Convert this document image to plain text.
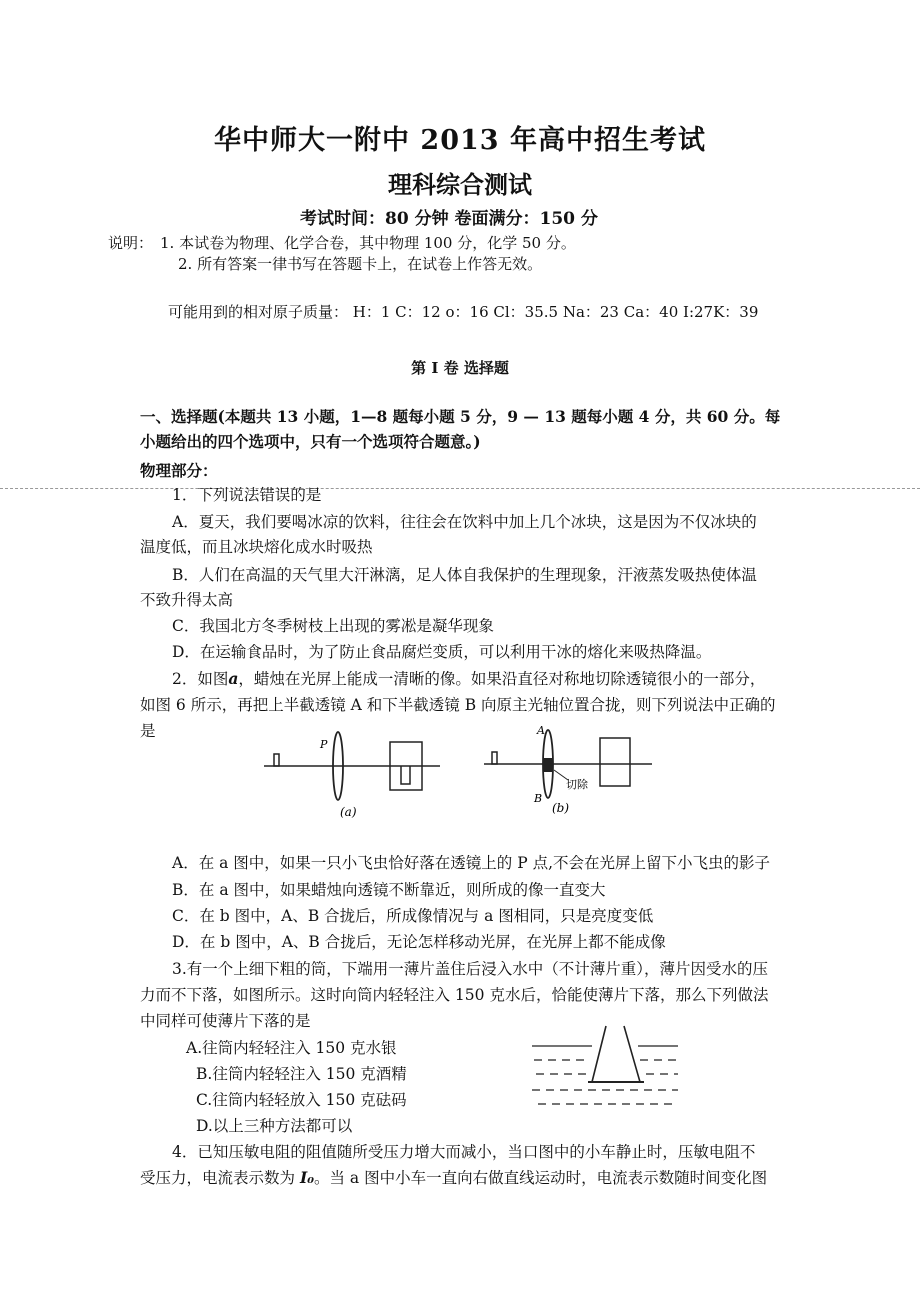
华中师大一附中 2013 年高中招生考试
理科综合测试
考试时间：80 分钟 卷面满分：150 分
说明： 1. 本试卷为物理、化学合卷，其中物理 100 分，化学 50 分。
2. 所有答案一律书写在答题卡上，在试卷上作答无效。
可能用到的相对原子质量： H：1 C：12 o：16 Cl：35.5 Na：23 Ca：40 I:27K：39
第 Ⅰ 卷 选择题
一、选择题(本题共 13 小题，1—8 题每小题 5 分，9 — 13 题每小题 4 分，共 60 分。每小题给出的四个选项中，只有一个选项符合题意。)
物理部分：
1．下列说法错误的是
A．夏天，我们要喝冰凉的饮料，往往会在饮料中加上几个冰块，这是因为不仅冰块的
温度低，而且冰块熔化成水时吸热
B．人们在高温的天气里大汗淋漓，足人体自我保护的生理现象，汗液蒸发吸热使体温
不致升得太高
C．我国北方冬季树枝上出现的雾凇是凝华现象
D．在运输食品时，为了防止食品腐烂变质，可以利用干冰的熔化来吸热降温。
2．如图a，蜡烛在光屏上能成一清晰的像。如果沿直径对称地切除透镜很小的一部分，
如图 6 所示，再把上半截透镜 A 和下半截透镜 B 向原主光轴位置合拢，则下列说法中正确的
是
P
(a)
A
B
切除
(b)
A．在 a 图中，如果一只小飞虫恰好落在透镜上的 P 点,不会在光屏上留下小飞虫的影子
B．在 a 图中，如果蜡烛向透镜不断靠近，则所成的像一直变大
C．在 b 图中，A、B 合拢后，所成像情况与 a 图相同，只是亮度变低
D．在 b 图中，A、B 合拢后，无论怎样移动光屏，在光屏上都不能成像
3.有一个上细下粗的筒，下端用一薄片盖住后浸入水中（不计薄片重），薄片因受水的压
力而不下落，如图所示。这时向筒内轻轻注入 150 克水后，恰能使薄片下落，那么下列做法
中同样可使薄片下落的是
A.往筒内轻轻注入 150 克水银
B.往筒内轻轻注入 150 克酒精
C.往筒内轻轻放入 150 克砝码
D.以上三种方法都可以
4．已知压敏电阻的阻值随所受压力增大而减小，当口图中的小车静止时，压敏电阻不
受压力，电流表示数为 I₀。当 a 图中小车一直向右做直线运动时，电流表示数随时间变化图
